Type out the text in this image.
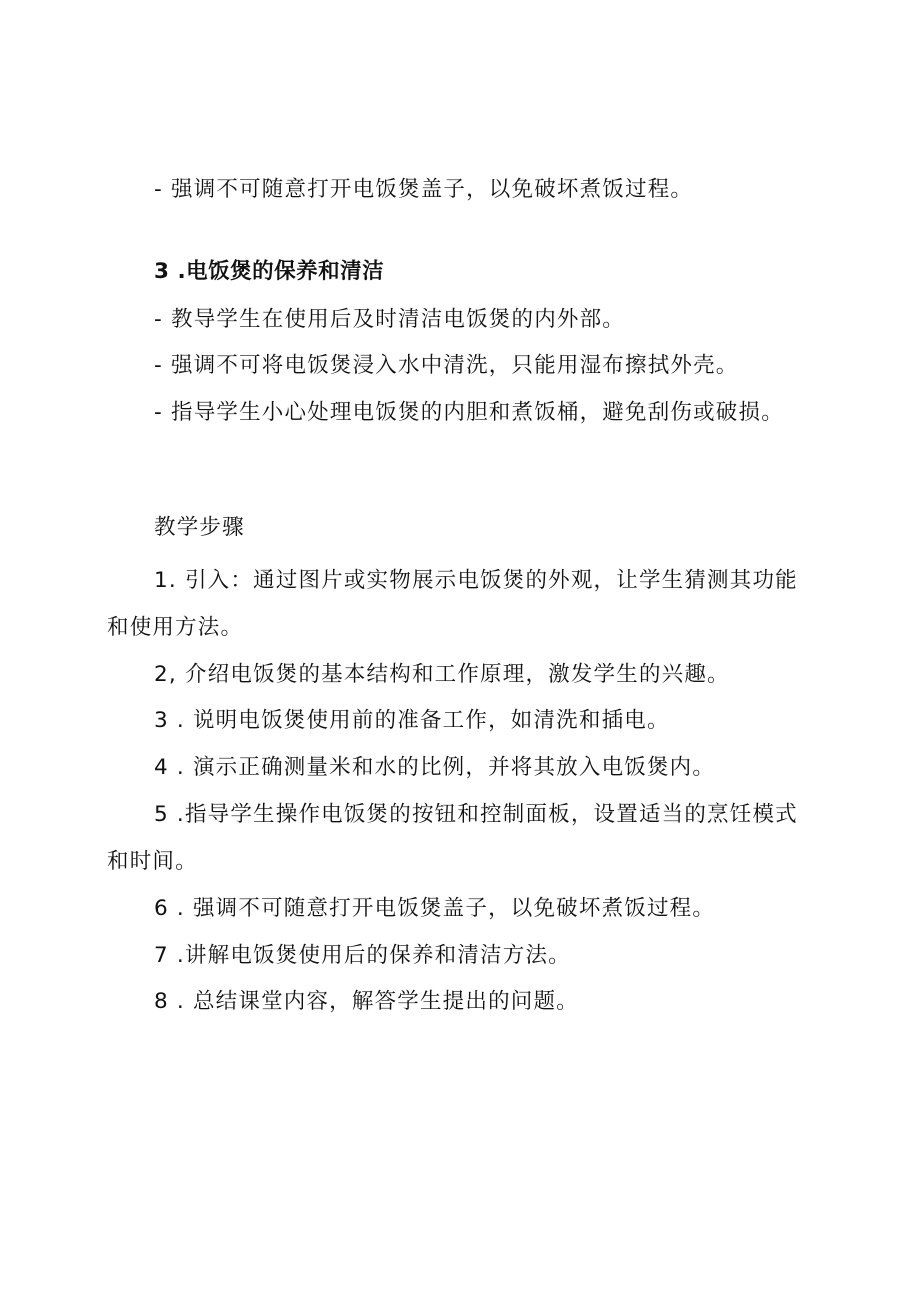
- 强调不可随意打开电饭煲盖子，以免破坏煮饭过程。
3 .电饭煲的保养和清洁
- 教导学生在使用后及时清洁电饭煲的内外部。
- 强调不可将电饭煲浸入水中清洗，只能用湿布擦拭外壳。
- 指导学生小心处理电饭煲的内胆和煮饭桶，避免刮伤或破损。
教学步骤
1. 引入：通过图片或实物展示电饭煲的外观，让学生猜测其功能
和使用方法。
2, 介绍电饭煲的基本结构和工作原理，激发学生的兴趣。
3 . 说明电饭煲使用前的准备工作，如清洗和插电。
4 . 演示正确测量米和水的比例，并将其放入电饭煲内。
5 .指导学生操作电饭煲的按钮和控制面板，设置适当的烹饪模式
和时间。
6 . 强调不可随意打开电饭煲盖子，以免破坏煮饭过程。
7 .讲解电饭煲使用后的保养和清洁方法。
8 . 总结课堂内容，解答学生提出的问题。
